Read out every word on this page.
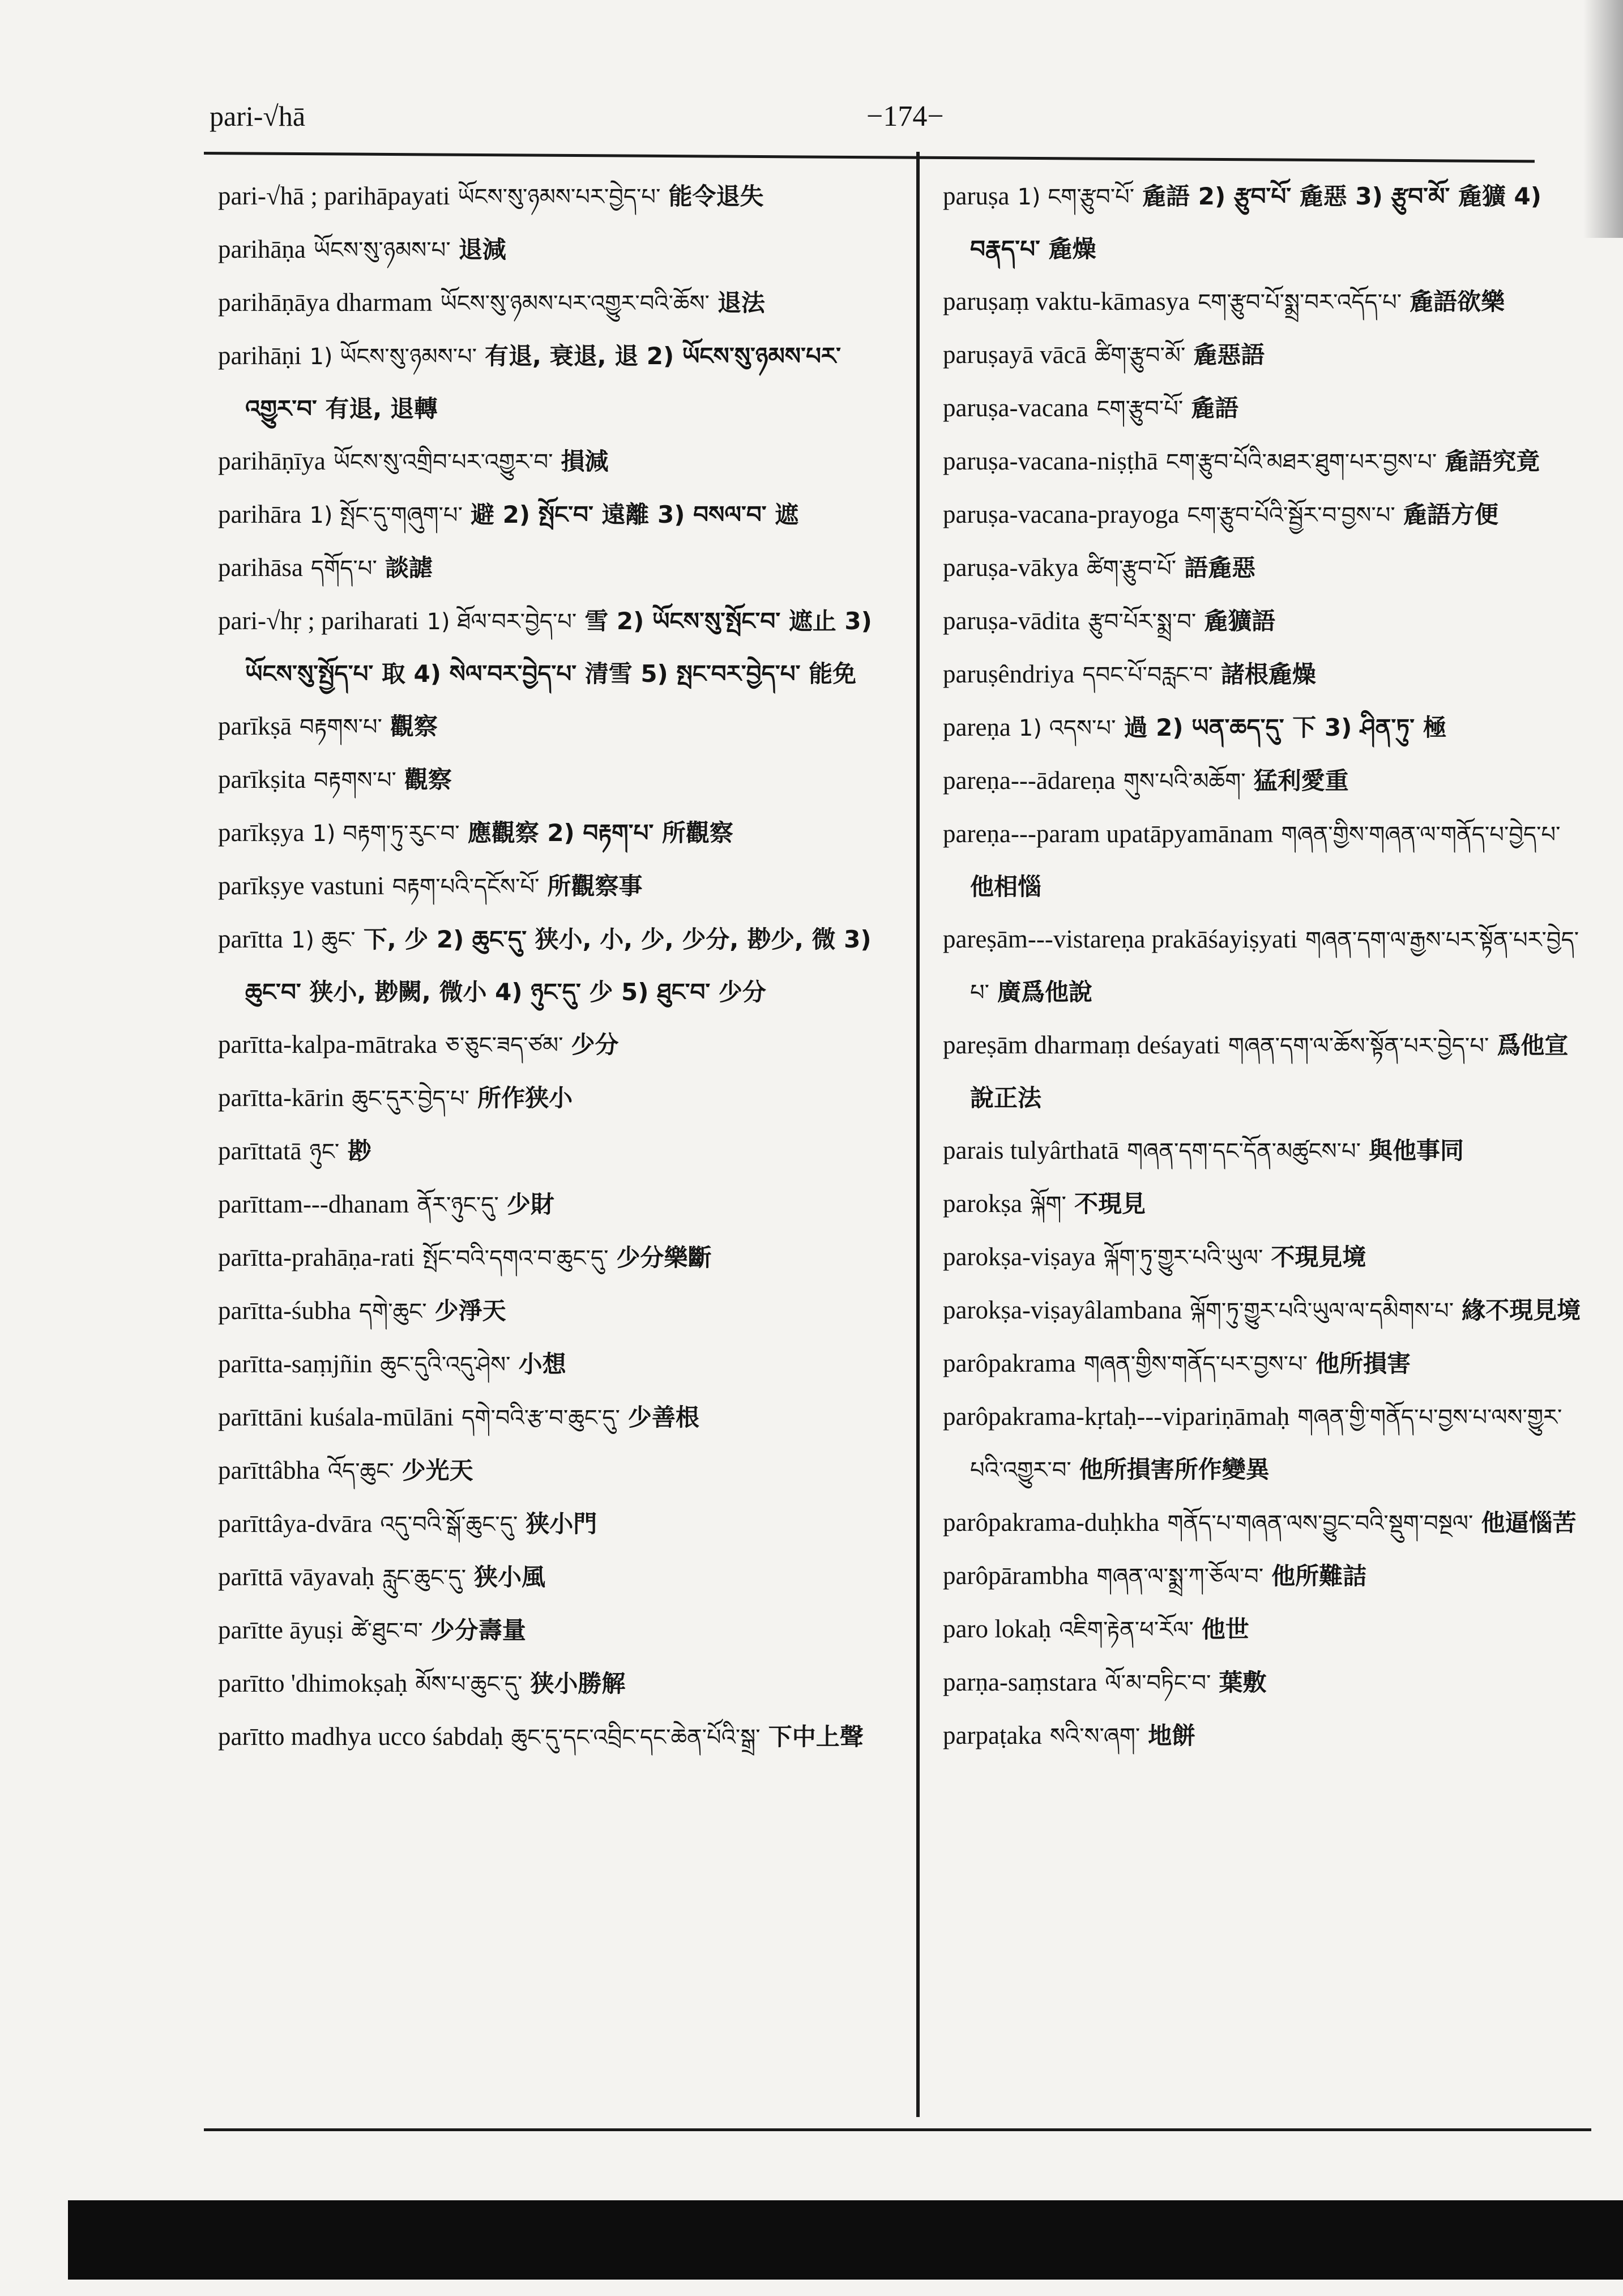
pari-√hā	−174−
pari-√hā ; parihāpayati ཡོངས་སུ་ཉམས་པར་བྱེད་པ་ 能令退失
parihāṇa ཡོངས་སུ་ཉམས་པ་ 退減
parihāṇāya dharmam ཡོངས་སུ་ཉམས་པར་འགྱུར་བའི་ཆོས་ 退法
parihāṇi 1) ཡོངས་སུ་ཉམས་པ་ 有退, 衰退, 退 2) ཡོངས་སུ་ཉམས་པར་འགྱུར་བ་ 有退, 退轉
parihāṇīya ཡོངས་སུ་འགྲིབ་པར་འགྱུར་བ་ 損減
parihāra 1) སྤོང་དུ་གཞུག་པ་ 避 2) སྤོང་བ་ 遠離 3) བསལ་བ་ 遮
parihāsa དགོད་པ་ 談謔
pari-√hṛ ; pariharati 1) ཐོལ་བར་བྱེད་པ་ 雪 2) ཡོངས་སུ་སྤོང་བ་ 遮止 3) ཡོངས་སུ་སྤྱོད་པ་ 取 4) སེལ་བར་བྱེད་པ་ 清雪 5) སྤང་བར་བྱེད་པ་ 能免
parīkṣā བརྟགས་པ་ 觀察
parīkṣita བརྟགས་པ་ 觀察
parīkṣya 1) བརྟག་ཏུ་རུང་བ་ 應觀察 2) བརྟག་པ་ 所觀察
parīkṣye vastuni བརྟག་པའི་དངོས་པོ་ 所觀察事
parītta 1) ཆུང་ 下, 少 2) ཆུང་དུ་ 狭小, 小, 少, 少分, 尠少, 微 3) ཆུང་བ་ 狭小, 尠闕, 微小 4) ཉུང་དུ་ 少 5) ཐུང་བ་ 少分
parītta-kalpa-mātraka ཅ་ཅུང་ཟད་ཙམ་ 少分
parītta-kārin ཆུང་དུར་བྱེད་པ་ 所作狭小
parīttatā ཉུང་ 尠
parīttam---dhanam ནོར་ཉུང་དུ་ 少財
parītta-prahāṇa-rati སྤོང་བའི་དགའ་བ་ཆུང་དུ་ 少分樂斷
parītta-śubha དགེ་ཆུང་ 少淨天
parītta-saṃjñin ཆུང་དུའི་འདུ་ཤེས་ 小想
parīttāni kuśala-mūlāni དགེ་བའི་རྩ་བ་ཆུང་དུ་ 少善根
parīttâbha འོད་ཆུང་ 少光天
parīttâya-dvāra འདུ་བའི་སྒོ་ཆུང་དུ་ 狭小門
parīttā vāyavaḥ རླུང་ཆུང་དུ་ 狭小風
parītte āyuṣi ཚེ་ཐུང་བ་ 少分壽量
parītto 'dhimokṣaḥ མོས་པ་ཆུང་དུ་ 狭小勝解
parītto madhya ucco śabdaḥ ཆུང་དུ་དང་འབྲིང་དང་ཆེན་པོའི་སྒྲ་ 下中上聲
paruṣa 1) ངག་རྩུབ་པོ་ 麁語 2) རྩུབ་པོ་ 麁惡 3) རྩུབ་མོ་ 麁獷 4) བརྣད་པ་ 麁燥
paruṣaṃ vaktu-kāmasya ངག་རྩུབ་པོ་སྨྲ་བར་འདོད་པ་ 麁語欲樂
paruṣayā vācā ཚིག་རྩུབ་མོ་ 麁惡語
paruṣa-vacana ངག་རྩུབ་པོ་ 麁語
paruṣa-vacana-niṣṭhā ངག་རྩུབ་པོའི་མཐར་ཐུག་པར་བྱས་པ་ 麁語究竟
paruṣa-vacana-prayoga ངག་རྩུབ་པོའི་སྦྱོར་བ་བྱས་པ་ 麁語方便
paruṣa-vākya ཚིག་རྩུབ་པོ་ 語麁惡
paruṣa-vādita རྩུབ་པོར་སྨྲ་བ་ 麁獷語
paruṣêndriya དབང་པོ་བརླང་བ་ 諸根麁燥
pareṇa 1) འདས་པ་ 過 2) ཡན་ཆད་དུ་ 下 3) ཤིན་ཏུ་ 極
pareṇa---ādareṇa གུས་པའི་མཆོག་ 猛利愛重
pareṇa---param upatāpyamānam གཞན་གྱིས་གཞན་ལ་གནོད་པ་བྱེད་པ་ 他相惱
pareṣām---vistareṇa prakāśayiṣyati གཞན་དག་ལ་རྒྱས་པར་སྟོན་པར་བྱེད་པ་ 廣爲他說
pareṣām dharmaṃ deśayati གཞན་དག་ལ་ཆོས་སྟོན་པར་བྱེད་པ་ 爲他宣說正法
parais tulyârthatā གཞན་དག་དང་དོན་མཚུངས་པ་ 與他事同
parokṣa ལྐོག་ 不現見
parokṣa-viṣaya ལྐོག་ཏུ་གྱུར་པའི་ཡུལ་ 不現見境
parokṣa-viṣayâlambana ལྐོག་ཏུ་གྱུར་པའི་ཡུལ་ལ་དམིགས་པ་ 緣不現見境
parôpakrama གཞན་གྱིས་གནོད་པར་བྱས་པ་ 他所損害
parôpakrama-kṛtaḥ---vipariṇāmaḥ གཞན་གྱི་གནོད་པ་བྱས་པ་ལས་གྱུར་པའི་འགྱུར་བ་ 他所損害所作變異
parôpakrama-duḥkha གནོད་པ་གཞན་ལས་བྱུང་བའི་སྡུག་བསྔལ་ 他逼惱苦
parôpārambha གཞན་ལ་སྨྲ་ཀ་ཅོལ་བ་ 他所難詰
paro lokaḥ འཇིག་རྟེན་ཕ་རོལ་ 他世
parṇa-saṃstara ལོ་མ་བཏིང་བ་ 葉敷
parpaṭaka སའི་ས་ཞག་ 地餅
